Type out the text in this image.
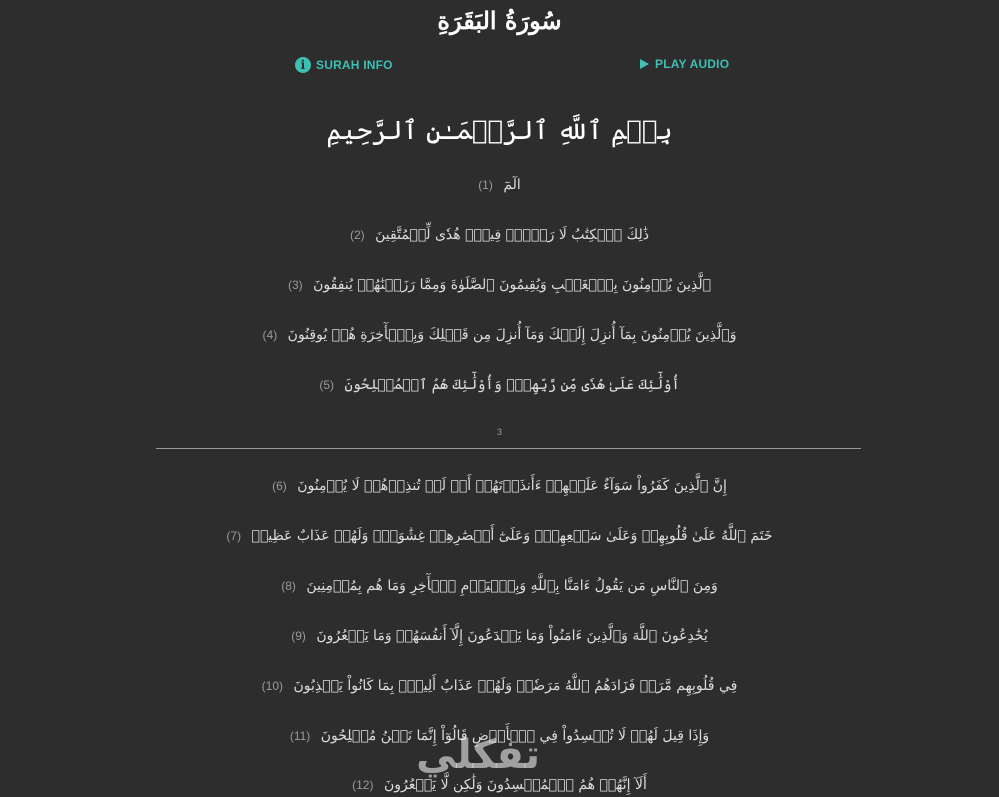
سُورَةُ البَقَرَةِ
i SURAH INFO	PLAY AUDIO
بِسۡمِ ٱللَّهِ ٱلرَّحۡمَـٰنِ ٱلرَّحِيمِ
الٓمٓ (1)
ذَٰلِكَ ٱلۡكِتَٰبُ لَا رَيۡبَۛ فِيهِۛ هُدٗى لِّلۡمُتَّقِينَ (2)
ٱلَّذِينَ يُؤۡمِنُونَ بِٱلۡغَيۡبِ وَيُقِيمُونَ ٱلصَّلَوٰةَ وَمِمَّا رَزَقۡنَٰهُمۡ يُنفِقُونَ (3)
وَٱلَّذِينَ يُؤۡمِنُونَ بِمَآ أُنزِلَ إِلَيۡكَ وَمَآ أُنزِلَ مِن قَبۡلِكَ وَبِٱلۡأٓخِرَةِ هُمۡ يُوقِنُونَ (4)
أُوْلَٰٓئِكَ عَلَىٰ هُدٗى مِّن رَّبِّهِمۡۖ وَأُوْلَٰٓئِكَ هُمُ ٱلۡمُفۡلِحُونَ (5)
3
إِنَّ ٱلَّذِينَ كَفَرُواْ سَوَآءٌ عَلَيۡهِمۡ ءَأَنذَرۡتَهُمۡ أَمۡ لَمۡ تُنذِرۡهُمۡ لَا يُؤۡمِنُونَ (6)
خَتَمَ ٱللَّهُ عَلَىٰ قُلُوبِهِمۡ وَعَلَىٰ سَمۡعِهِمۡۖ وَعَلَىٰٓ أَبۡصَٰرِهِمۡ غِشَٰوَةٞۖ وَلَهُمۡ عَذَابٌ عَظِيمٞ (7)
وَمِنَ ٱلنَّاسِ مَن يَقُولُ ءَامَنَّا بِٱللَّهِ وَبِٱلۡيَوۡمِ ٱلۡأٓخِرِ وَمَا هُم بِمُؤۡمِنِينَ (8)
يُخَٰدِعُونَ ٱللَّهَ وَٱلَّذِينَ ءَامَنُواْ وَمَا يَخۡدَعُونَ إِلَّآ أَنفُسَهُمۡ وَمَا يَشۡعُرُونَ (9)
فِي قُلُوبِهِم مَّرَضٞ فَزَادَهُمُ ٱللَّهُ مَرَضٗاۖ وَلَهُمۡ عَذَابٌ أَلِيمُۢ بِمَا كَانُواْ يَكۡذِبُونَ (10)
وَإِذَا قِيلَ لَهُمۡ لَا تُفۡسِدُواْ فِي ٱلۡأَرۡضِ قَالُوٓاْ إِنَّمَا نَحۡنُ مُصۡلِحُونَ (11)
أَلَآ إِنَّهُمۡ هُمُ ٱلۡمُفۡسِدُونَ وَلَٰكِن لَّا يَشۡعُرُونَ (12)
تفكلي
